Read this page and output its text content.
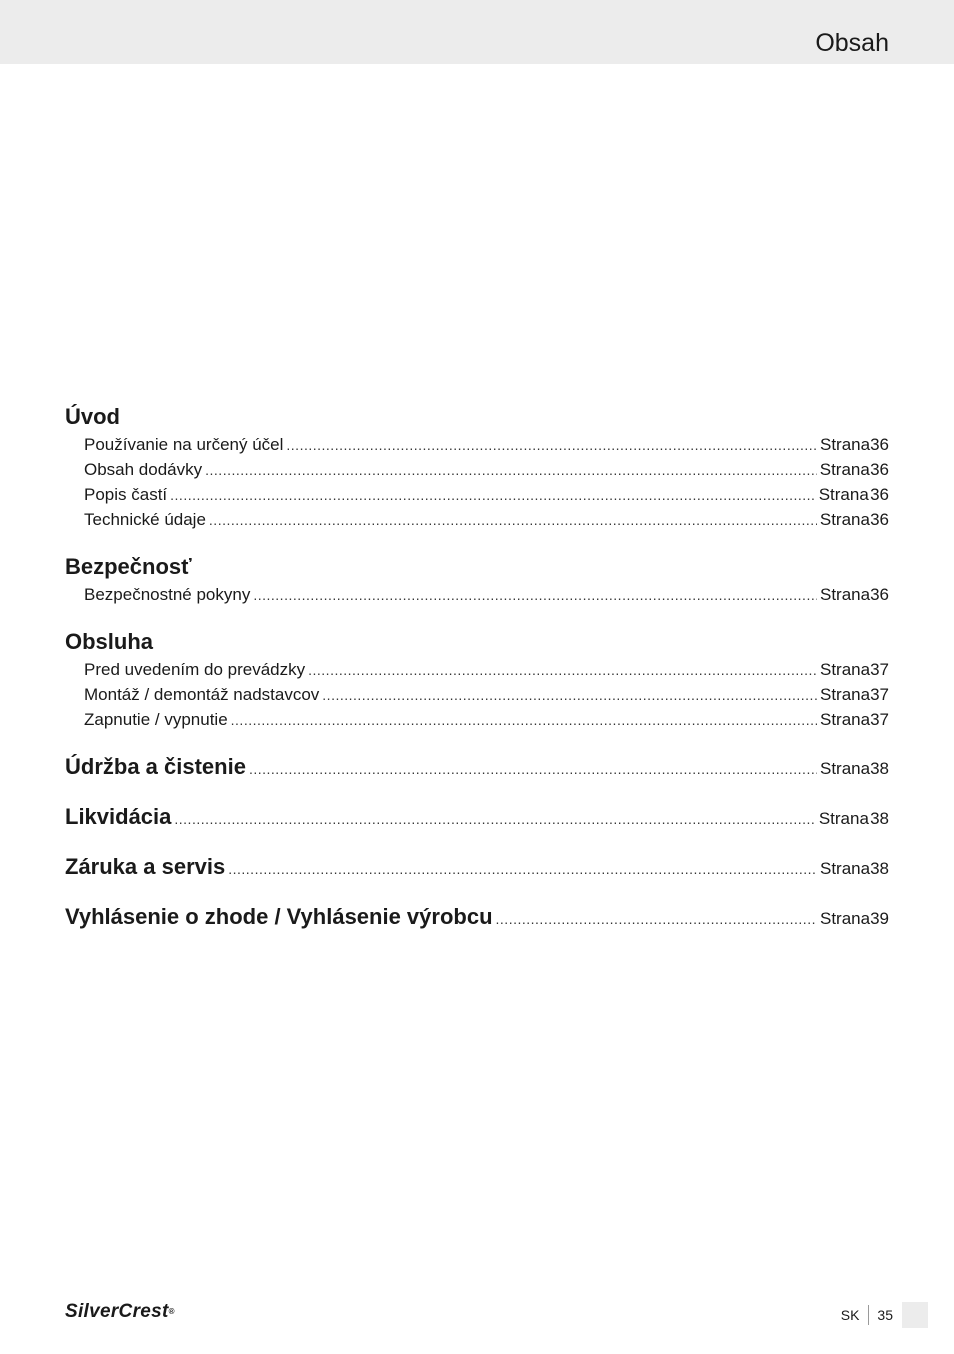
Obsah
Úvod
Používanie na určený účel .....	Strana 36
Obsah dodávky .....	Strana 36
Popis častí .....	Strana 36
Technické údaje .....	Strana 36
Bezpečnosť
Bezpečnostné pokyny .....	Strana 36
Obsluha
Pred uvedením do prevádzky .....	Strana 37
Montáž / demontáž nadstavcov .....	Strana 37
Zapnutie / vypnutie .....	Strana 37
Údržba a čistenie .....	Strana 38
Likvidácia .....	Strana 38
Záruka a servis .....	Strana 38
Vyhlásenie o zhode / Vyhlásenie výrobcu .....	Strana 39
SilverCrest®	SK	35
